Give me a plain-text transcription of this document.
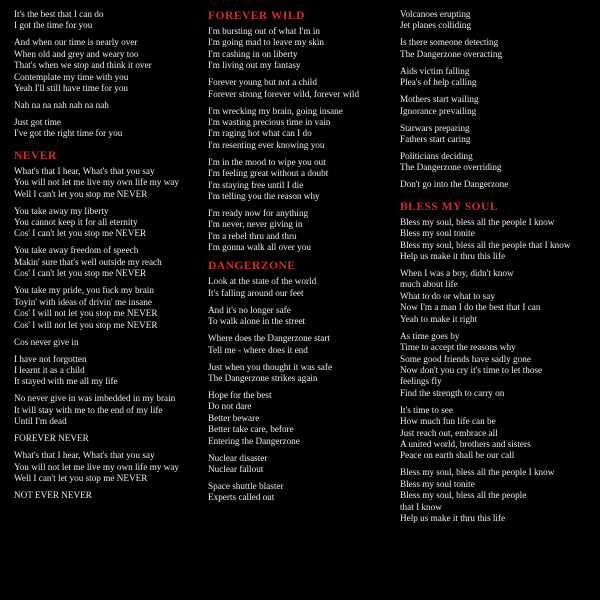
It's the best that I can do
I got the time for you
And when our time is nearly over
When old and grey and weary too
That's when we stop and think it over
Contemplate my time with you
Yeah I'll still have time for you
Nah na na nah nah na nah
Just got time
I've got the right time for you
NEVER
What's that I hear, What's that you say
You will not let me live my own life my way
Well I can't let you stop me NEVER
You take away my liberty
You cannot keep it for all eternity
Cos' I can't let you stop me NEVER
You take away freedom of speech
Makin' sure that's well outside my reach
Cos' I can't let you stop me NEVER
You take my pride, you fuck my brain
Toyin' with ideas of drivin' me insane
Cos' I will not let you stop me NEVER
Cos' I will not let you stop me NEVER
Cos never give in
I have not forgotten
I learnt it as a child
It stayed with me all my life
No never give in was imbedded in my brain
It will stay with me to the end of my life
Until I'm dead
FOREVER NEVER
What's that I hear, What's that you say
You will not let me live my own life my way
Well I can't let you stop me NEVER
NOT EVER NEVER
FOREVER WILD
I'm bursting out of what I'm in
I'm going mad to leave my skin
I'm cashing in on liberty
I'm living out my fantasy
Forever young but not a child
Forever strong forever wild, forever wild
I'm wrecking my brain, going insane
I'm wasting precious time in vain
I'm raging hot what can I do
I'm resenting ever knowing you
I'm in the mood to wipe you out
I'm feeling great without a doubt
I'm staying free until I die
I'm telling you the reason why
I'm ready now for anything
I'm never, never giving in
I'm a rebel thru and thru
I'm gonna walk all over you
DANGERZONE
Look at the state of the world
It's falling around our feet
And it's no longer safe
To walk alone in the street
Where does the Dangerzone start
Tell me - where does it end
Just when you thought it was safe
The Dangerzone strikes again
Hope for the best
Do not dare
Better beware
Better take care, before
Entering the Dangerzone
Nuclear disaster
Nuclear fallout
Space shuttle blaster
Experts called out
Volcanoes erupting
Jet planes colliding
Is there someone detecting
The Dangerzone overacting
Aids victim falling
Plea's of help calling
Mothers start wailing
Ignorance prevailing
Starwars preparing
Fathers start caring
Politicians deciding
The Dangerzone overriding
Don't go into the Dangerzone
BLESS MY SOUL
Bless my soul, bless all the people I know
Bless my soul tonite
Bless my soul, bless all the people that I know
Help us make it thru this life
When I was a boy, didn't know
much about life
What to do or what to say
Now I'm a man I do the best that I can
Yeah to make it right
As time goes by
Time to accept the reasons why
Some good friends have sadly gone
Now don't you cry it's time to let those
feelings fly
Find the strength to carry on
It's time to see
How much fun life can be
Just reach out, embrace all
A united world, brothers and sisters
Peace on earth shall be our call
Bless my soul, bless all the people I know
Bless my soul tonite
Bless my soul, bless all the people
that I know
Help us make it thru this life
